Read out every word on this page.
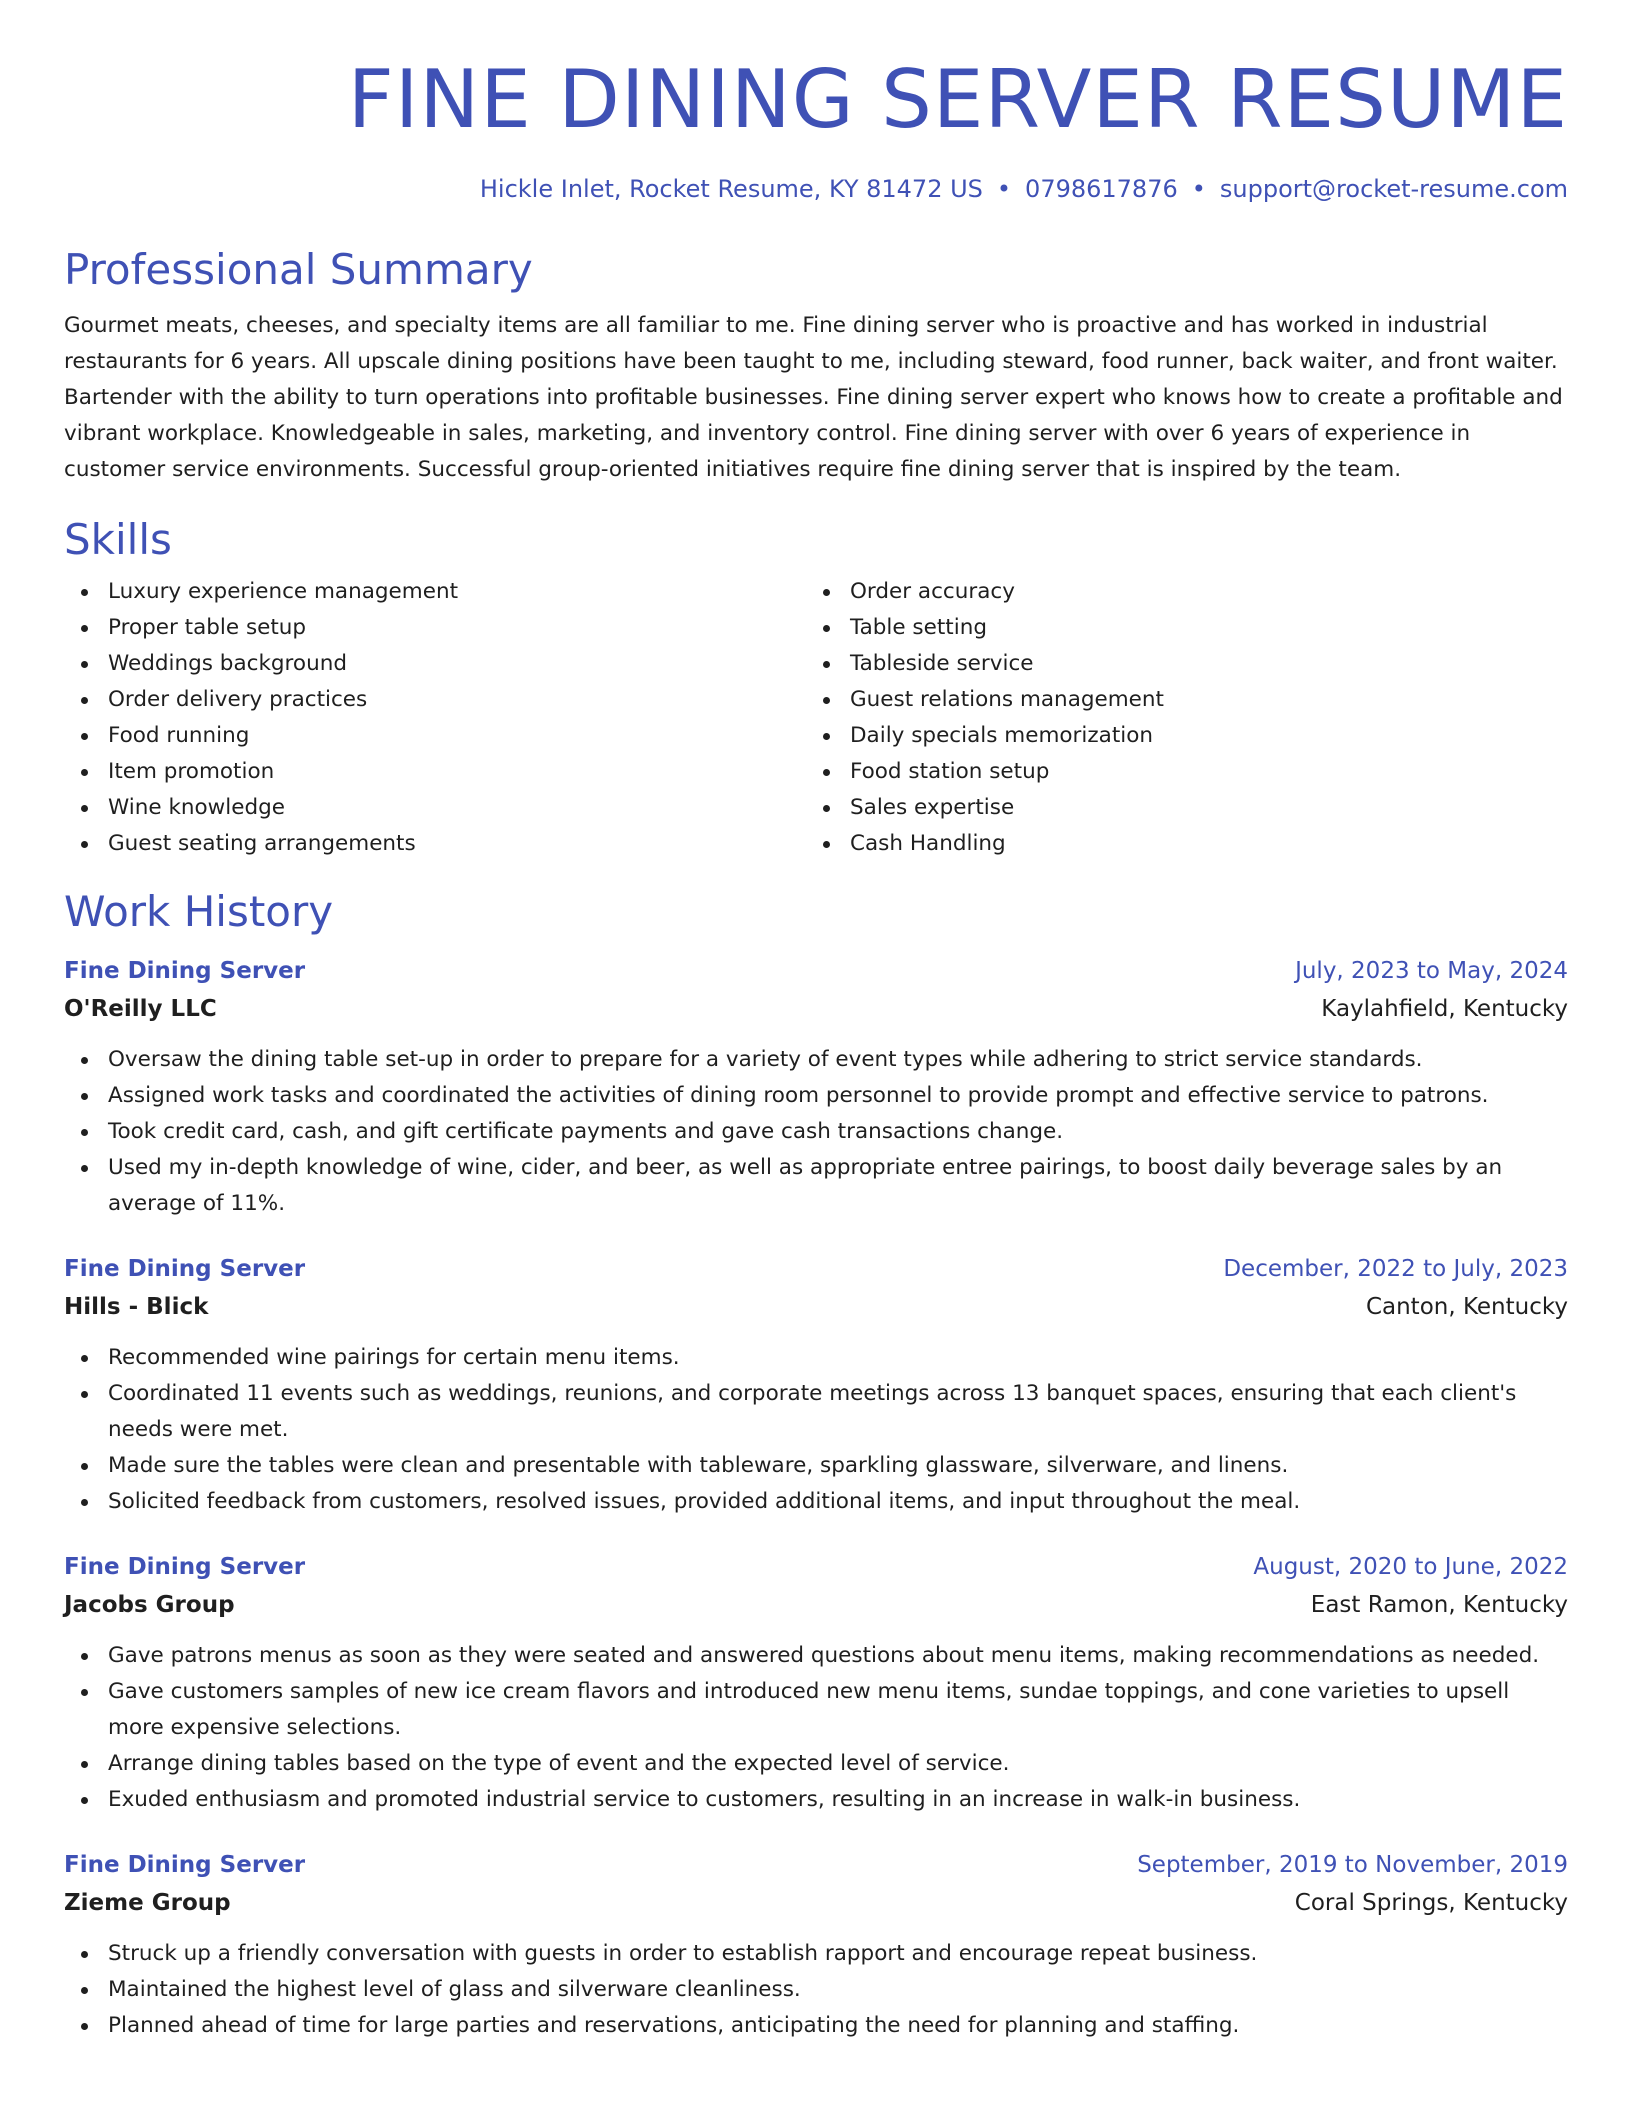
FINE DINING SERVER RESUME
Hickle Inlet, Rocket Resume, KY 81472 US • 0798617876 • support@rocket-resume.com
Professional Summary

Gourmet meats, cheeses, and specialty items are all familiar to me. Fine dining server who is proactive and has worked in industrial restaurants for 6 years. All upscale dining positions have been taught to me, including steward, food runner, back waiter, and front waiter. Bartender with the ability to turn operations into profitable businesses. Fine dining server expert who knows how to create a profitable and vibrant workplace. Knowledgeable in sales, marketing, and inventory control. Fine dining server with over 6 years of experience in customer service environments. Successful group-oriented initiatives require fine dining server that is inspired by the team.

Skills
Luxury experience management
Proper table setup
Weddings background
Order delivery practices
Food running
Item promotion
Wine knowledge
Guest seating arrangements
Order accuracy
Table setting
Tableside service
Guest relations management
Daily specials memorization
Food station setup
Sales expertise
Cash Handling
Work History
Fine Dining Server	July, 2023 to May, 2024
O'Reilly LLC	Kaylahfield, Kentucky
Oversaw the dining table set-up in order to prepare for a variety of event types while adhering to strict service standards.
Assigned work tasks and coordinated the activities of dining room personnel to provide prompt and effective service to patrons.
Took credit card, cash, and gift certificate payments and gave cash transactions change.
Used my in-depth knowledge of wine, cider, and beer, as well as appropriate entree pairings, to boost daily beverage sales by an average of 11%.
Fine Dining Server	December, 2022 to July, 2023
Hills - Blick	Canton, Kentucky
Recommended wine pairings for certain menu items.
Coordinated 11 events such as weddings, reunions, and corporate meetings across 13 banquet spaces, ensuring that each client's needs were met.
Made sure the tables were clean and presentable with tableware, sparkling glassware, silverware, and linens.
Solicited feedback from customers, resolved issues, provided additional items, and input throughout the meal.
Fine Dining Server	August, 2020 to June, 2022
Jacobs Group	East Ramon, Kentucky
Gave patrons menus as soon as they were seated and answered questions about menu items, making recommendations as needed.
Gave customers samples of new ice cream flavors and introduced new menu items, sundae toppings, and cone varieties to upsell more expensive selections.
Arrange dining tables based on the type of event and the expected level of service.
Exuded enthusiasm and promoted industrial service to customers, resulting in an increase in walk-in business.
Fine Dining Server	September, 2019 to November, 2019
Zieme Group	Coral Springs, Kentucky
Struck up a friendly conversation with guests in order to establish rapport and encourage repeat business.
Maintained the highest level of glass and silverware cleanliness.
Planned ahead of time for large parties and reservations, anticipating the need for planning and staffing.
